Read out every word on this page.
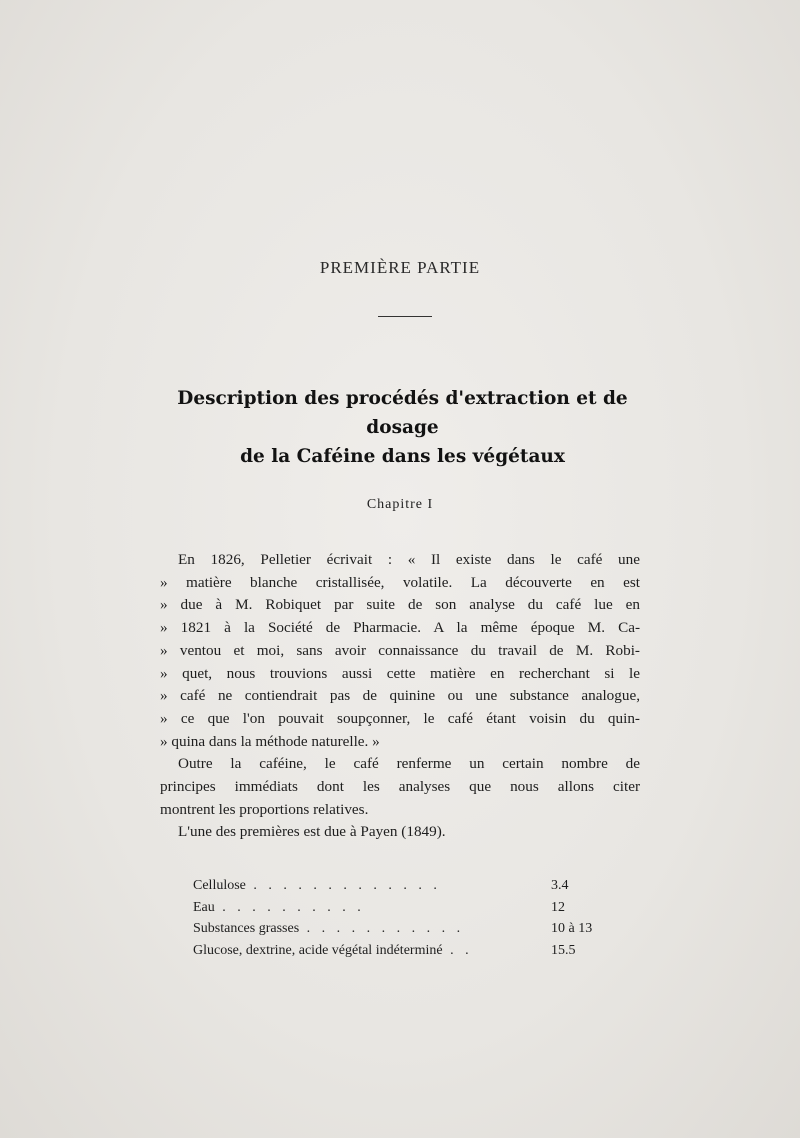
PREMIÈRE PARTIE
Description des procédés d'extraction et de dosage
de la Caféine dans les végétaux
Chapitre I
En 1826, Pelletier écrivait : « Il existe dans le café une
» matière blanche cristallisée, volatile. La découverte en est
» due à M. Robiquet par suite de son analyse du café lue en
» 1821 à la Société de Pharmacie. A la même époque M. Ca-
» ventou et moi, sans avoir connaissance du travail de M. Robi-
» quet, nous trouvions aussi cette matière en recherchant si le
» café ne contiendrait pas de quinine ou une substance analogue,
» ce que l'on pouvait soupçonner, le café étant voisin du quin-
» quina dans la méthode naturelle. »
Outre la caféine, le café renferme un certain nombre de
principes immédiats dont les analyses que nous allons citer
montrent les proportions relatives.
L'une des premières est due à Payen (1849).
Cellulose . . . . . . . . . . . . .	3.4
Eau . . . . . . . . . .	12
Substances grasses . . . . . . . . . . .	10 à 13
Glucose, dextrine, acide végétal indéterminé . .	15.5
